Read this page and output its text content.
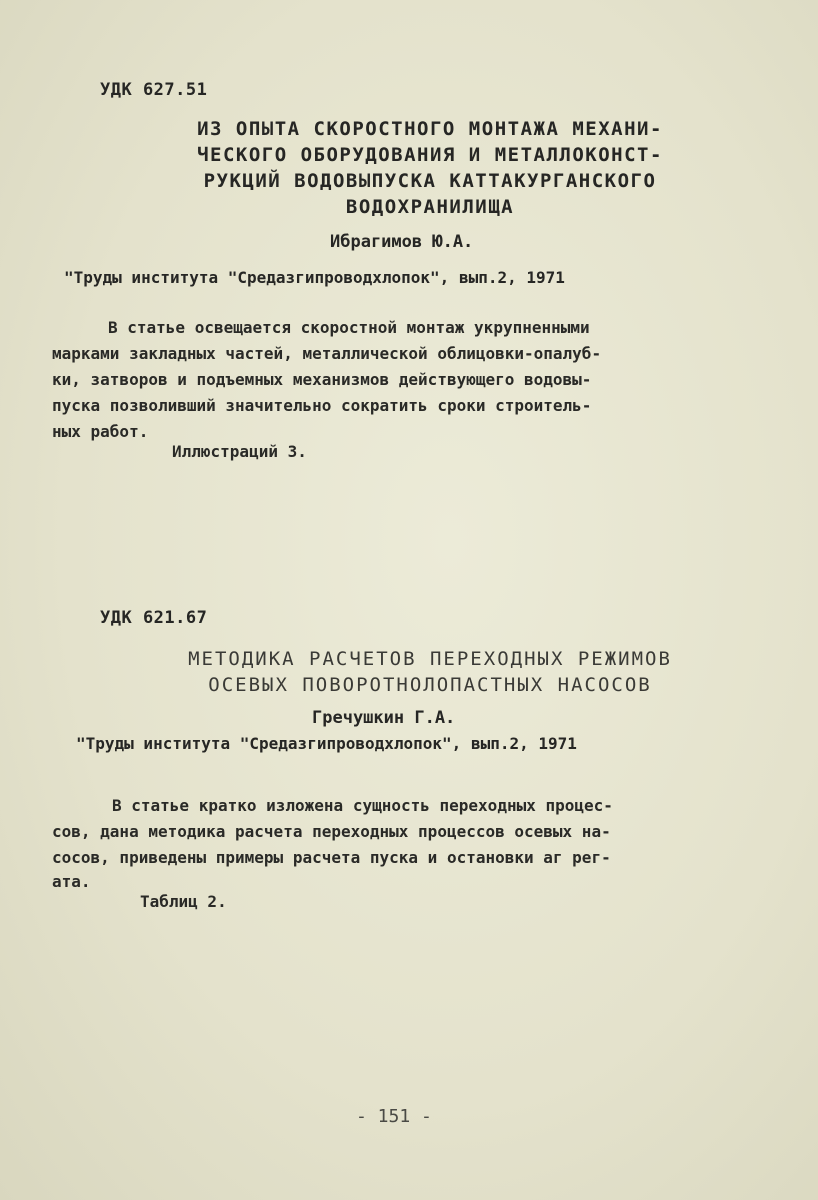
УДК 627.51
ИЗ ОПЫТА СКОРОСТНОГО МОНТАЖА МЕХАНИ-
ЧЕСКОГО ОБОРУДОВАНИЯ И МЕТАЛЛОКОНСТ-
РУКЦИЙ ВОДОВЫПУСКА КАТТАКУРГАНСКОГО
ВОДОХРАНИЛИЩА
Ибрагимов Ю.А.
"Труды института "Средазгипроводхлопок", вып.2, 1971
В статье освещается скоростной монтаж укрупненными
марками закладных частей, металлической облицовки-опалуб-
ки, затворов и подъемных механизмов действующего водовы-
пуска позволивший значительно сократить сроки строитель-
ных работ.
Иллюстраций 3.
УДК 621.67
МЕТОДИКА РАСЧЕТОВ ПЕРЕХОДНЫХ РЕЖИМОВ
ОСЕВЫХ ПОВОРОТНОЛОПАСТНЫХ НАСОСОВ
Гречушкин Г.А.
"Труды института "Средазгипроводхлопок", вып.2, 1971
В статье кратко изложена сущность переходных процес-
сов, дана методика расчета переходных процессов осевых на-
сосов, приведены примеры расчета пуска и остановки аг рег-
ата.
Таблиц 2.
- 151 -
